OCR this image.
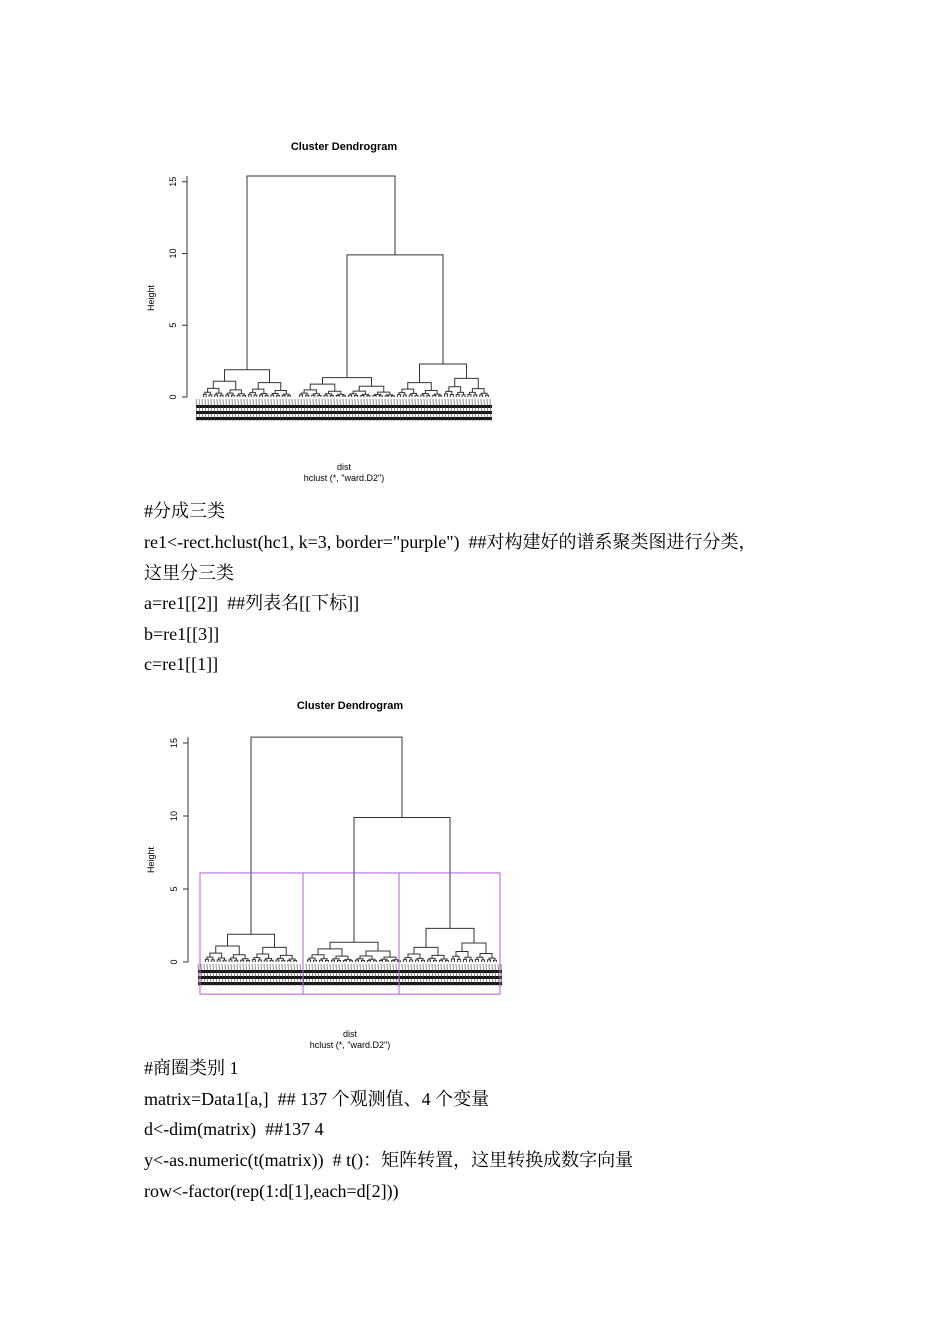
Cluster Dendrogram
Height
0
5
10
15
dist
hclust (*, "ward.D2")
#分成三类
re1<-rect.hclust(hc1, k=3, border="purple")  ##对构建好的谱系聚类图进行分类，
这里分三类
a=re1[[2]]  ##列表名[[下标]]
b=re1[[3]]
c=re1[[1]]
Cluster Dendrogram
Height
0
5
10
15
dist
hclust (*, "ward.D2")
#商圈类别 1
matrix=Data1[a,]  ## 137 个观测值、4 个变量
d<-dim(matrix)  ##137 4
y<-as.numeric(t(matrix))  # t()：矩阵转置，这里转换成数字向量
row<-factor(rep(1:d[1],each=d[2]))
